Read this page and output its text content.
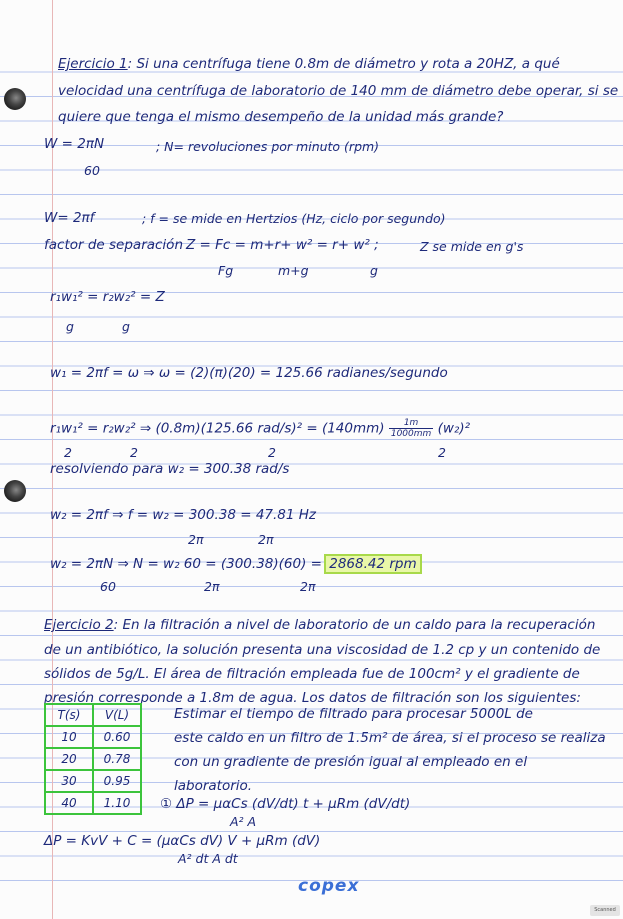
Ejercicio 1: Si una centrífuga tiene 0.8m de diámetro y rota a 20HZ, a qué
velocidad una centrífuga de laboratorio de 140 mm de diámetro debe operar, si se
quiere que tenga el mismo desempeño de la unidad más grande?
W = 2πN
60
; N= revoluciones por minuto (rpm)
W= 2πf	; f = se mide en Hertzios (Hz, ciclo por segundo)
factor de separación Z = Fc = m+r+ w² = r+ w² ;	Z se mide en g's
Fg	m+g	g
r₁w₁² = r₂w₂² = Z
g	g
w₁ = 2πf = ω ⇒ ω = (2)(π)(20) = 125.66 radianes/segundo
r₁w₁² = r₂w₂² ⇒ (0.8m)(125.66 $rad/s)^2 = (140mm) \frac{1m}{1000mm} (w_2)^2$
2	2	2	2
resolviendo para w₂ = 300.38 rad/s
w₂ = 2πf ⇒ f = w₂ = 300.38 = 47.81 Hz
2π	2π
w₂ = 2πN ⇒ N = w₂ 60 = (300.38)(60) = 2868.42 rpm
60	2π	2π
Ejercicio 2: En la filtración a nivel de laboratorio de un caldo para la recuperación
de un antibiótico, la solución presenta una viscosidad de 1.2 cp y un contenido de
sólidos de 5g/L. El área de filtración empleada fue de 100cm² y el gradiente de
presión corresponde a 1.8m de agua. Los datos de filtración son los siguientes:
T(s)	V(L)
10	0.60
20	0.78
30	0.95
40	1.10
Estimar el tiempo de filtrado para procesar 5000L de
este caldo en un filtro de 1.5m² de área, si el proceso se realiza
con un gradiente de presión igual al empleado en el
laboratorio.
① ΔP = μαCs (dV/dt) t + μRm (dV/dt)
A² A
ΔP = KvV + C = (μαCs dV) V + μRm (dV)
A² dt A dt
copex
Scanned
